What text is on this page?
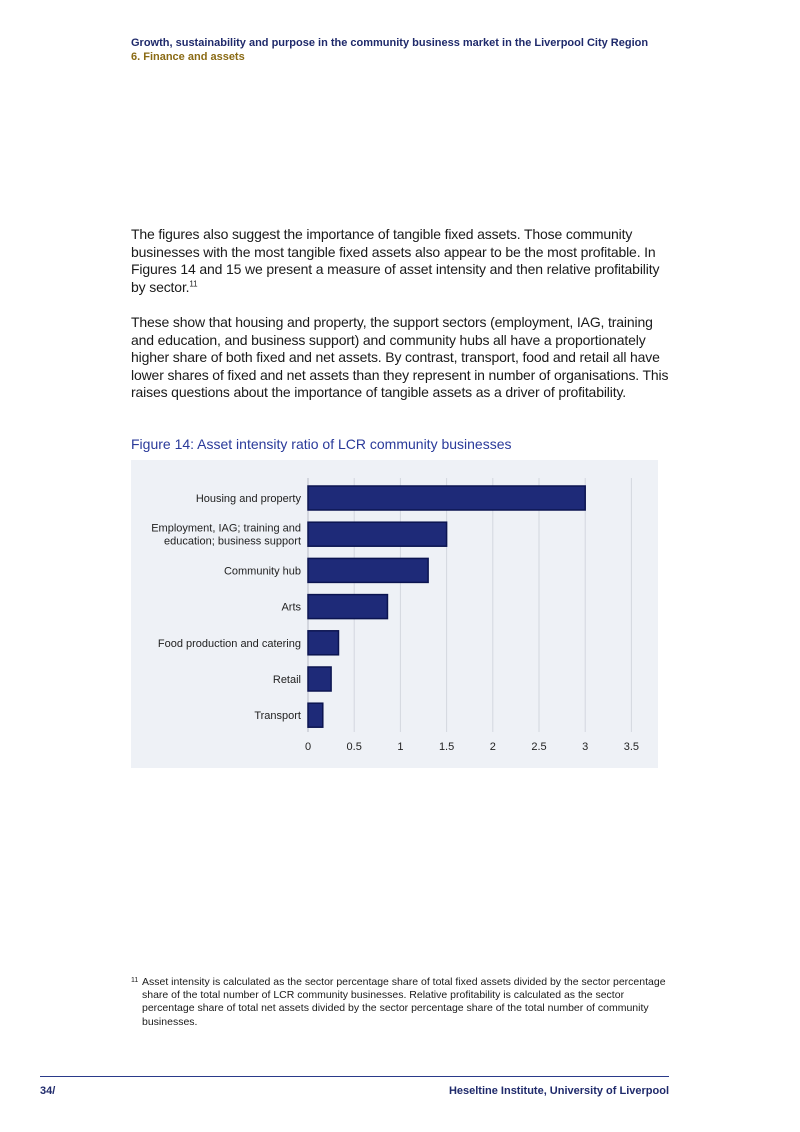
Growth, sustainability and purpose in the community business market in the Liverpool City Region
6. Finance and assets

The figures also suggest the importance of tangible fixed assets. Those community businesses with the most tangible fixed assets also appear to be the most profitable. In Figures 14 and 15 we present a measure of asset intensity and then relative profitability by sector.$^{11}$

These show that housing and property, the support sectors (employment, IAG, training and education, and business support) and community hubs all have a proportionately higher share of both fixed and net assets. By contrast, transport, food and retail all have lower shares of fixed and net assets than they represent in number of organisations. This raises questions about the importance of tangible assets as a driver of profitability.

Figure 14: Asset intensity ratio of LCR community businesses
0	0.5	1	1.5	2	2.5	3	3.5
Housing and property
Employment, IAG; training and
education; business support
Community hub
Arts
Food production and catering
Retail
Transport
11 Asset intensity is calculated as the sector percentage share of total fixed assets divided by the sector percentage share of the total number of LCR community businesses. Relative profitability is calculated as the sector percentage share of total net assets divided by the sector percentage share of the total number of community businesses.
34/	Heseltine Institute, University of Liverpool
